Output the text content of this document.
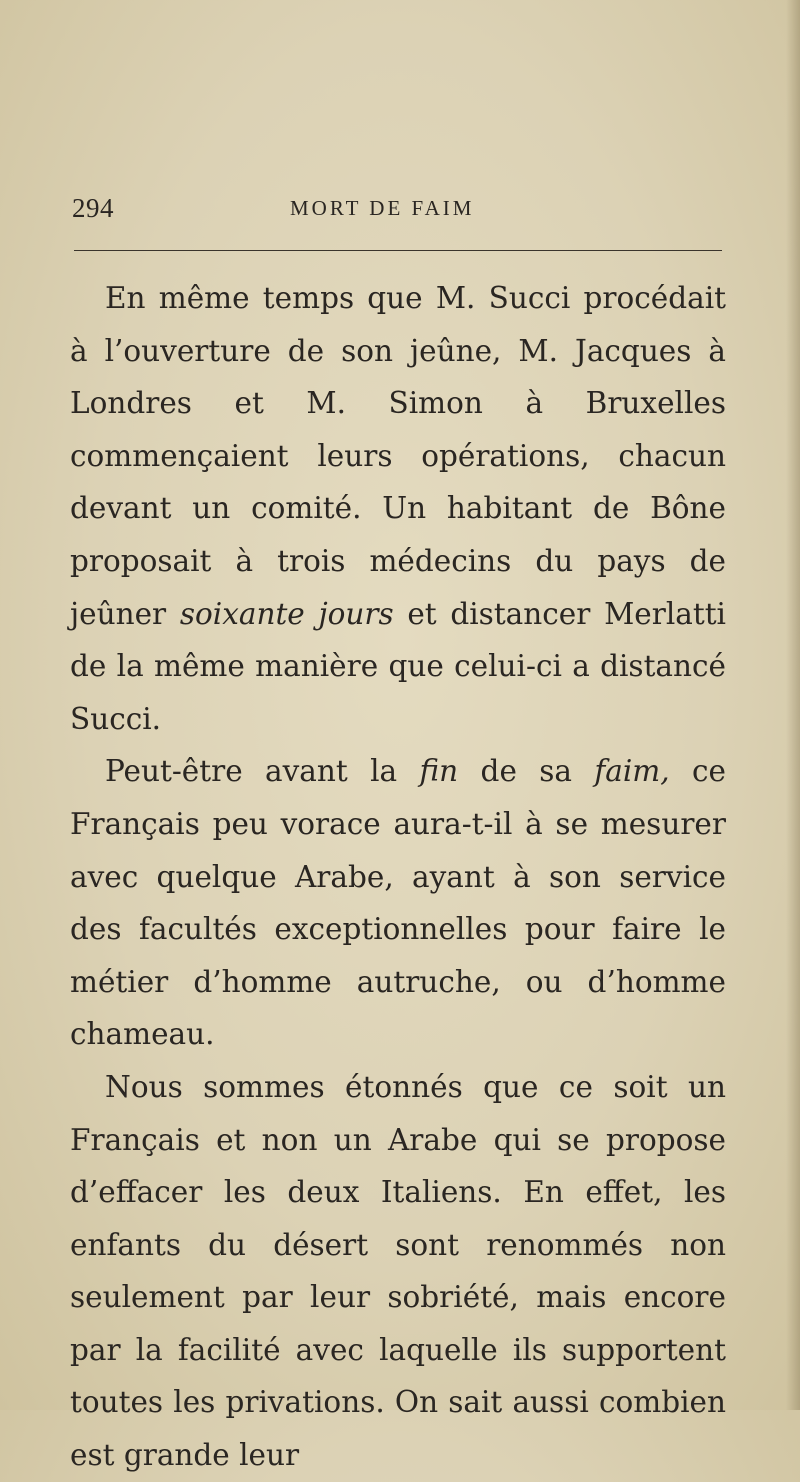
294	MORT DE FAIM

En même temps que M. Succi procédait à l’ouverture de son jeûne, M. Jacques à Londres et M. Simon à Bruxelles commençaient leurs opérations, chacun devant un comité. Un habitant de Bône proposait à trois médecins du pays de jeûner soixante jours et distancer Merlatti de la même manière que celui-ci a distancé Succi.

Peut-être avant la fin de sa faim, ce Français peu vorace aura-t-il à se mesurer avec quelque Arabe, ayant à son service des facultés exceptionnelles pour faire le métier d’homme autruche, ou d’homme chameau.

Nous sommes étonnés que ce soit un Français et non un Arabe qui se propose d’effacer les deux Italiens. En effet, les enfants du désert sont renommés non seulement par leur sobriété, mais encore par la facilité avec laquelle ils supportent toutes les privations. On sait aussi combien est grande leur
